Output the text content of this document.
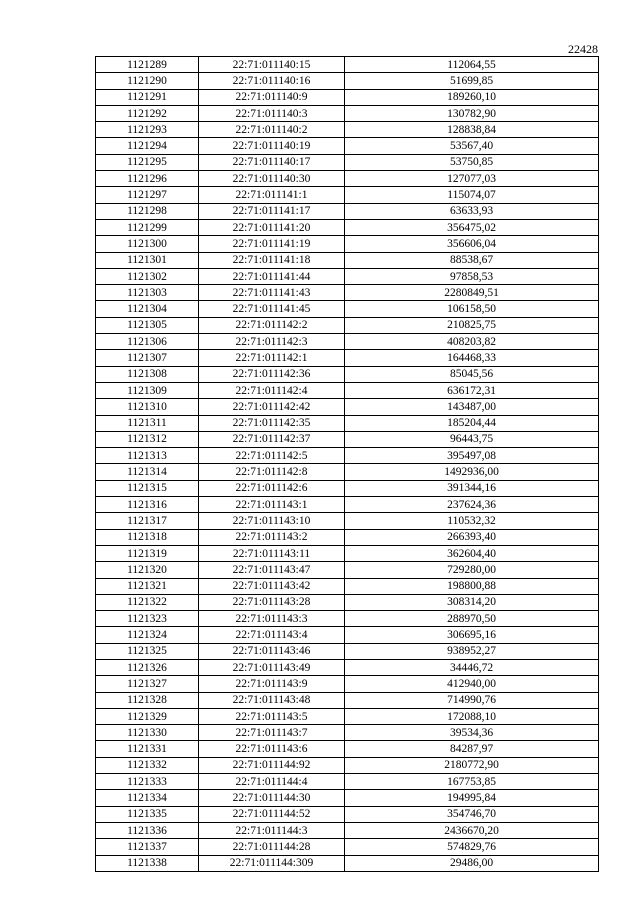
22428
1121289	22:71:011140:15	112064,55
1121290	22:71:011140:16	51699,85
1121291	22:71:011140:9	189260,10
1121292	22:71:011140:3	130782,90
1121293	22:71:011140:2	128838,84
1121294	22:71:011140:19	53567,40
1121295	22:71:011140:17	53750,85
1121296	22:71:011140:30	127077,03
1121297	22:71:011141:1	115074,07
1121298	22:71:011141:17	63633,93
1121299	22:71:011141:20	356475,02
1121300	22:71:011141:19	356606,04
1121301	22:71:011141:18	88538,67
1121302	22:71:011141:44	97858,53
1121303	22:71:011141:43	2280849,51
1121304	22:71:011141:45	106158,50
1121305	22:71:011142:2	210825,75
1121306	22:71:011142:3	408203,82
1121307	22:71:011142:1	164468,33
1121308	22:71:011142:36	85045,56
1121309	22:71:011142:4	636172,31
1121310	22:71:011142:42	143487,00
1121311	22:71:011142:35	185204,44
1121312	22:71:011142:37	96443,75
1121313	22:71:011142:5	395497,08
1121314	22:71:011142:8	1492936,00
1121315	22:71:011142:6	391344,16
1121316	22:71:011143:1	237624,36
1121317	22:71:011143:10	110532,32
1121318	22:71:011143:2	266393,40
1121319	22:71:011143:11	362604,40
1121320	22:71:011143:47	729280,00
1121321	22:71:011143:42	198800,88
1121322	22:71:011143:28	308314,20
1121323	22:71:011143:3	288970,50
1121324	22:71:011143:4	306695,16
1121325	22:71:011143:46	938952,27
1121326	22:71:011143:49	34446,72
1121327	22:71:011143:9	412940,00
1121328	22:71:011143:48	714990,76
1121329	22:71:011143:5	172088,10
1121330	22:71:011143:7	39534,36
1121331	22:71:011143:6	84287,97
1121332	22:71:011144:92	2180772,90
1121333	22:71:011144:4	167753,85
1121334	22:71:011144:30	194995,84
1121335	22:71:011144:52	354746,70
1121336	22:71:011144:3	2436670,20
1121337	22:71:011144:28	574829,76
1121338	22:71:011144:309	29486,00
